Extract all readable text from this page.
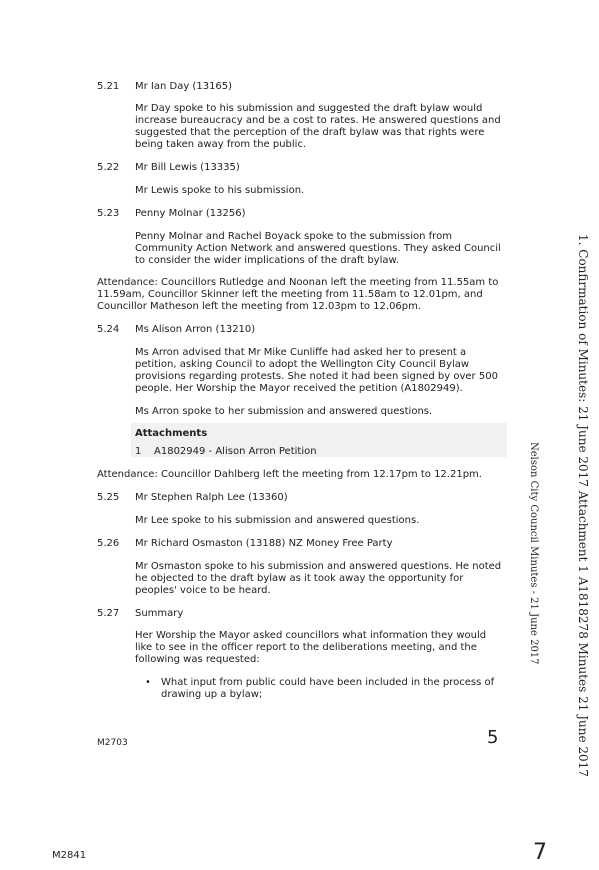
5.21 Mr Ian Day (13165)
Mr Day spoke to his submission and suggested the draft bylaw would increase bureaucracy and be a cost to rates. He answered questions and suggested that the perception of the draft bylaw was that rights were being taken away from the public.
5.22 Mr Bill Lewis (13335)
Mr Lewis spoke to his submission.
5.23 Penny Molnar (13256)
Penny Molnar and Rachel Boyack spoke to the submission from Community Action Network and answered questions. They asked Council to consider the wider implications of the draft bylaw.
Attendance: Councillors Rutledge and Noonan left the meeting from 11.55am to 11.59am, Councillor Skinner left the meeting from 11.58am to 12.01pm, and Councillor Matheson left the meeting from 12.03pm to 12.06pm.
5.24 Ms Alison Arron (13210)
Ms Arron advised that Mr Mike Cunliffe had asked her to present a petition, asking Council to adopt the Wellington City Council Bylaw provisions regarding protests. She noted it had been signed by over 500 people. Her Worship the Mayor received the petition (A1802949).
Ms Arron spoke to her submission and answered questions.
Attachments
1 A1802949 - Alison Arron Petition
Attendance: Councillor Dahlberg left the meeting from 12.17pm to 12.21pm.
5.25 Mr Stephen Ralph Lee (13360)
Mr Lee spoke to his submission and answered questions.
5.26 Mr Richard Osmaston (13188) NZ Money Free Party
Mr Osmaston spoke to his submission and answered questions. He noted he objected to the draft bylaw as it took away the opportunity for peoples' voice to be heard.
5.27 Summary
Her Worship the Mayor asked councillors what information they would like to see in the officer report to the deliberations meeting, and the following was requested:
• What input from public could have been included in the process of drawing up a bylaw;
M2703	5
Nelson City Council Minutes - 21 June 2017	1. Confirmation of Minutes: 21 June 2017 Attachment 1 A1818278 Minutes 21 June 2017
M2841	7
